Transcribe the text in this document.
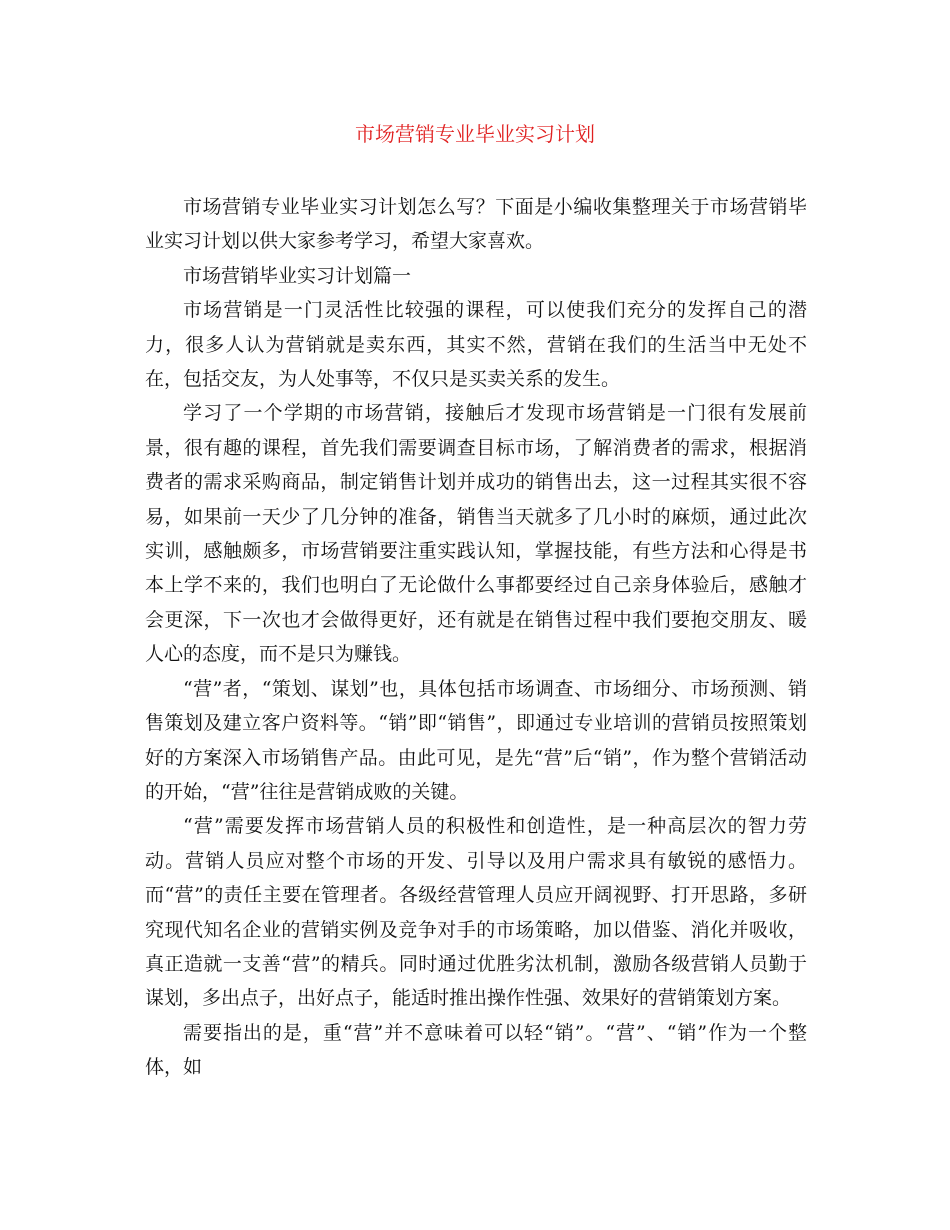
市场营销专业毕业实习计划

市场营销专业毕业实习计划怎么写？下面是小编收集整理关于市场营销毕业实习计划以供大家参考学习，希望大家喜欢。

市场营销毕业实习计划篇一

市场营销是一门灵活性比较强的课程，可以使我们充分的发挥自己的潜力，很多人认为营销就是卖东西，其实不然，营销在我们的生活当中无处不在，包括交友，为人处事等，不仅只是买卖关系的发生。

学习了一个学期的市场营销，接触后才发现市场营销是一门很有发展前景，很有趣的课程，首先我们需要调查目标市场，了解消费者的需求，根据消费者的需求采购商品，制定销售计划并成功的销售出去，这一过程其实很不容易，如果前一天少了几分钟的准备，销售当天就多了几小时的麻烦，通过此次实训，感触颇多，市场营销要注重实践认知，掌握技能，有些方法和心得是书本上学不来的，我们也明白了无论做什么事都要经过自己亲身体验后，感触才会更深，下一次也才会做得更好，还有就是在销售过程中我们要抱交朋友、暖人心的态度，而不是只为赚钱。

“营”者，“策划、谋划”也，具体包括市场调查、市场细分、市场预测、销售策划及建立客户资料等。“销”即“销售”，即通过专业培训的营销员按照策划好的方案深入市场销售产品。由此可见，是先“营”后“销”，作为整个营销活动的开始，“营”往往是营销成败的关键。

“营”需要发挥市场营销人员的积极性和创造性，是一种高层次的智力劳动。营销人员应对整个市场的开发、引导以及用户需求具有敏锐的感悟力。而“营”的责任主要在管理者。各级经营管理人员应开阔视野、打开思路，多研究现代知名企业的营销实例及竞争对手的市场策略，加以借鉴、消化并吸收，真正造就一支善“营”的精兵。同时通过优胜劣汰机制，激励各级营销人员勤于谋划，多出点子，出好点子，能适时推出操作性强、效果好的营销策划方案。

需要指出的是，重“营”并不意味着可以轻“销”。“营”、“销”作为一个整体，如
